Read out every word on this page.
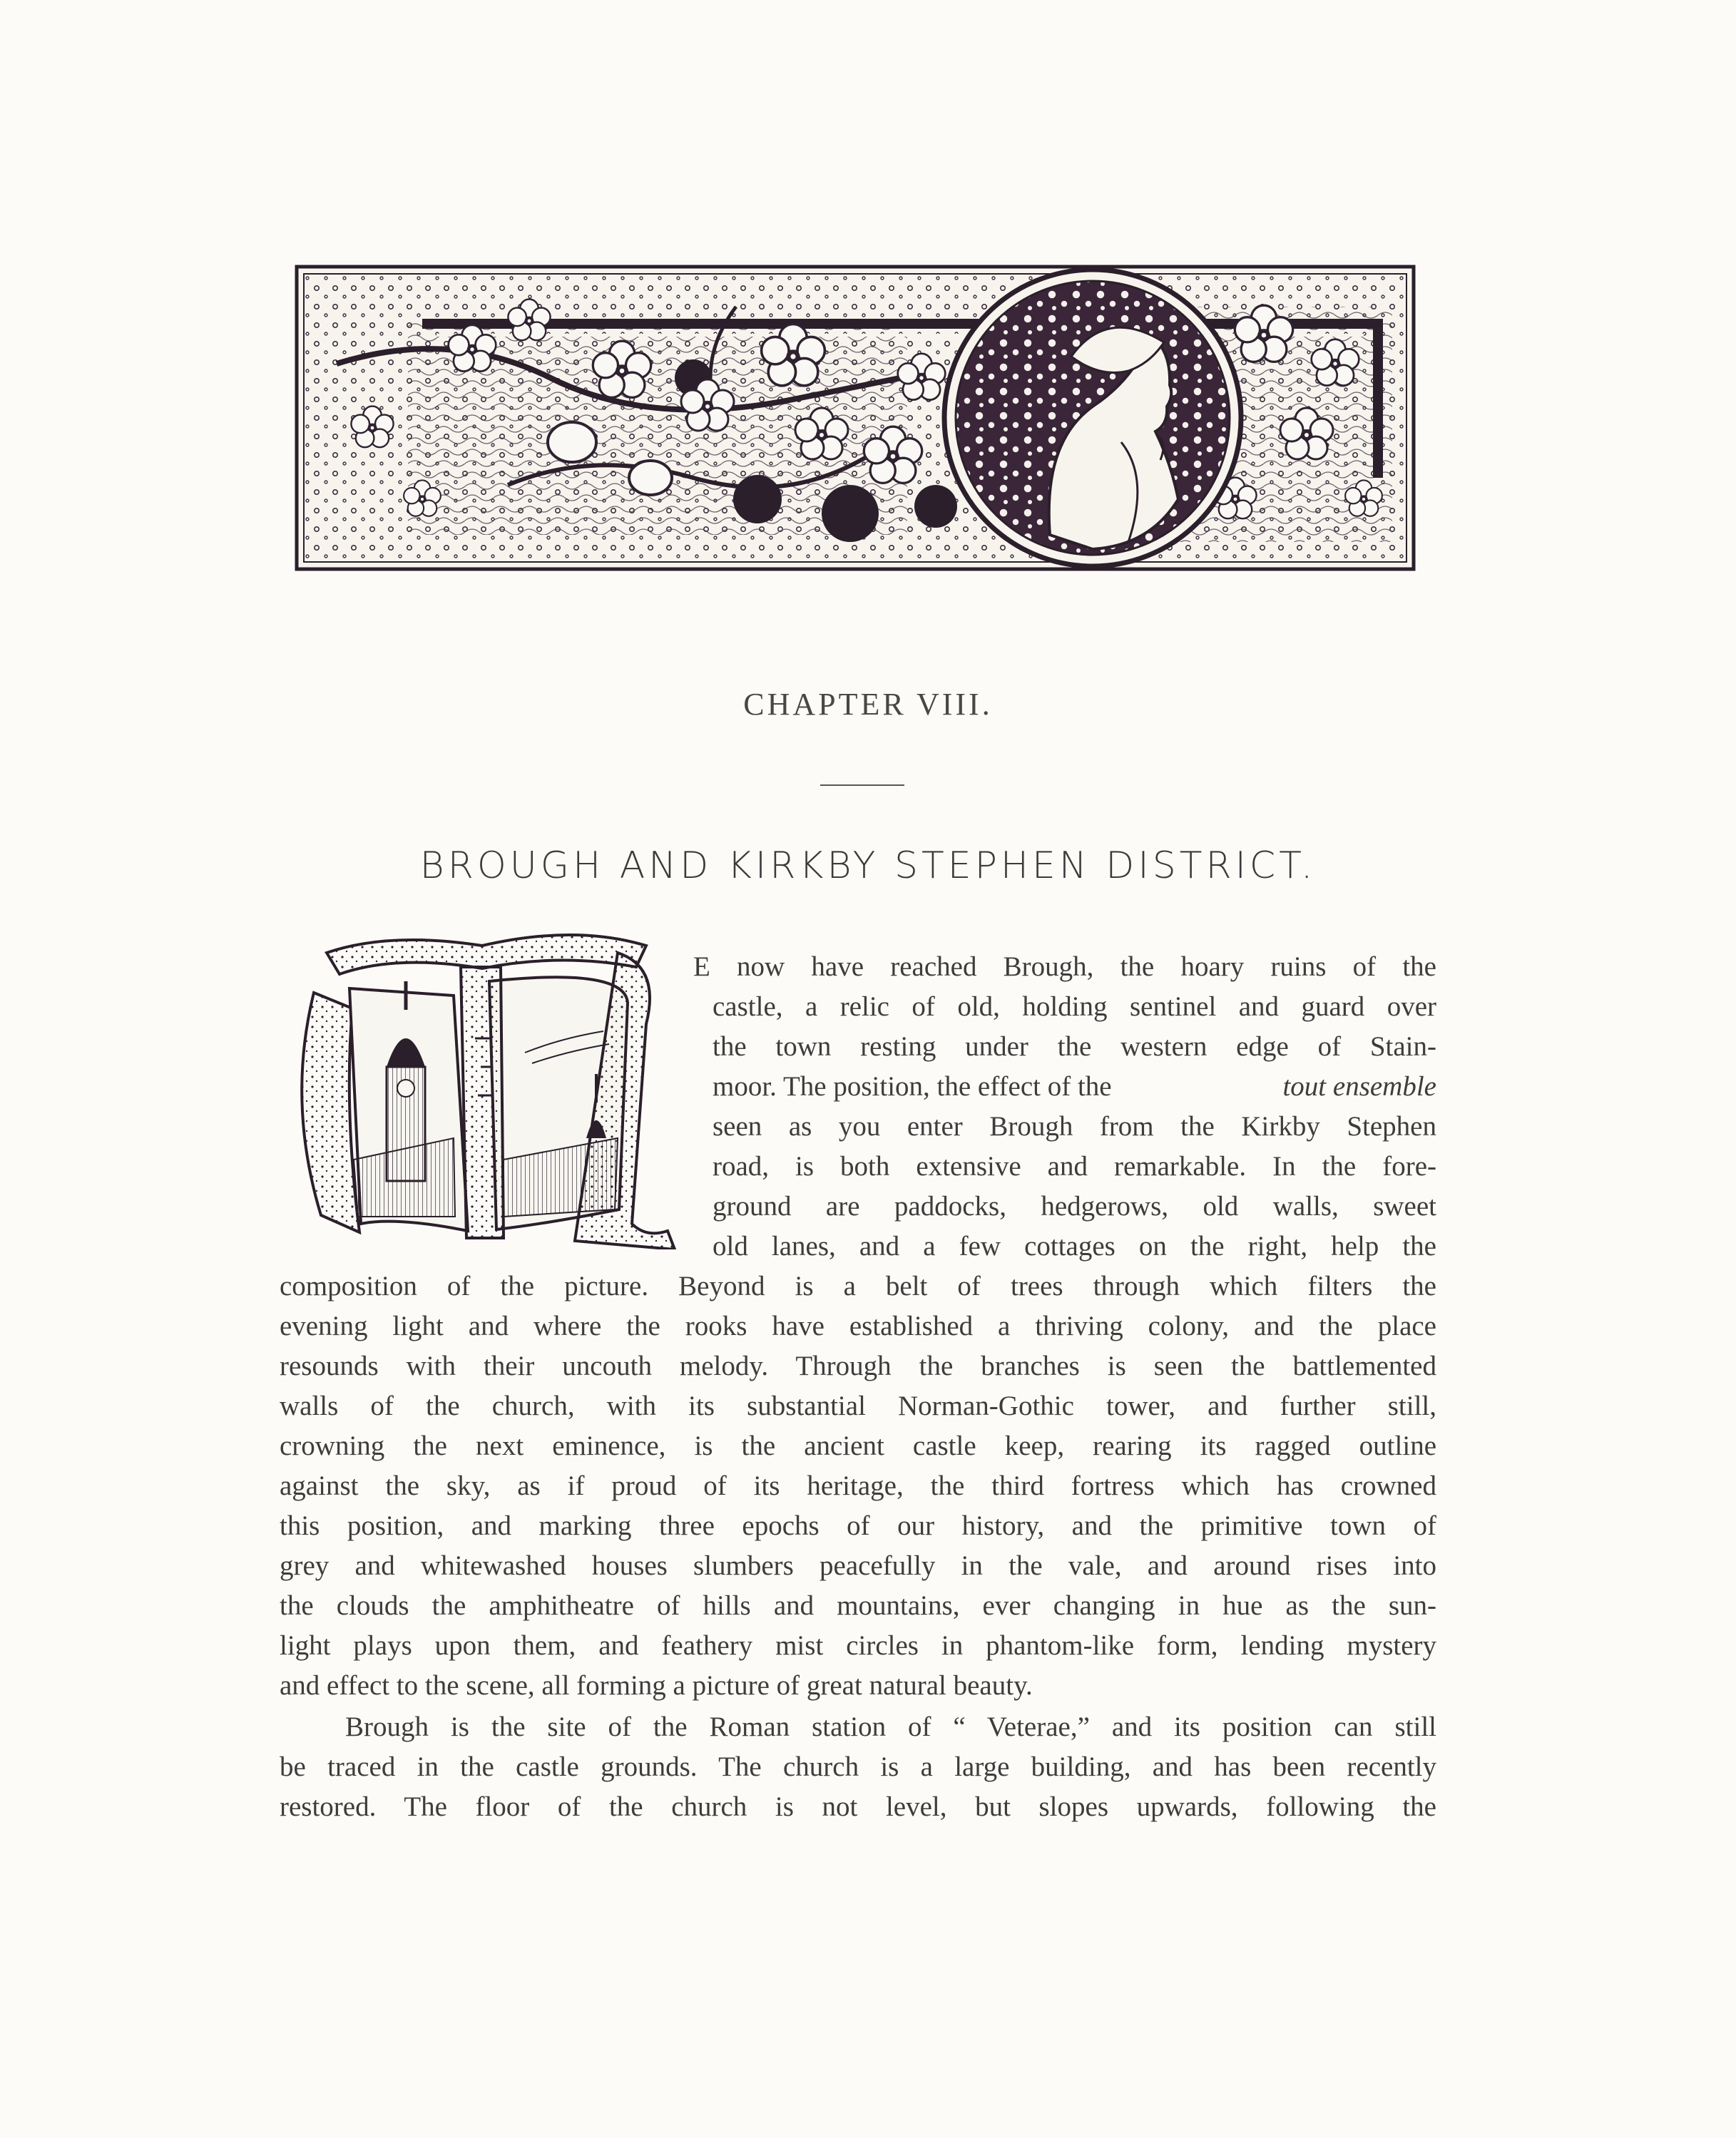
CHAPTER VIII.
BROUGH AND KIRKBY STEPHEN DISTRICT.
E now have reached Brough, the hoary ruins of the
castle, a relic of old, holding sentinel and guard over
the town resting under the western edge of Stain-
moor. The position, the effect of the	tout ensemble
seen as you enter Brough from the Kirkby Stephen
road, is both extensive and remarkable. In the fore-
ground are paddocks, hedgerows, old walls, sweet
old lanes, and a few cottages on the right, help the
composition of the picture. Beyond is a belt of trees through which filters the
evening light and where the rooks have established a thriving colony, and the place
resounds with their uncouth melody. Through the branches is seen the battlemented
walls of the church, with its substantial Norman-Gothic tower, and further still,
crowning the next eminence, is the ancient castle keep, rearing its ragged outline
against the sky, as if proud of its heritage, the third fortress which has crowned
this position, and marking three epochs of our history, and the primitive town of
grey and whitewashed houses slumbers peacefully in the vale, and around rises into
the clouds the amphitheatre of hills and mountains, ever changing in hue as the sun-
light plays upon them, and feathery mist circles in phantom-like form, lending mystery
and effect to the scene, all forming a picture of great natural beauty.
Brough is the site of the Roman station of “ Veterae,” and its position can still
be traced in the castle grounds. The church is a large building, and has been recently
restored. The floor of the church is not level, but slopes upwards, following the
